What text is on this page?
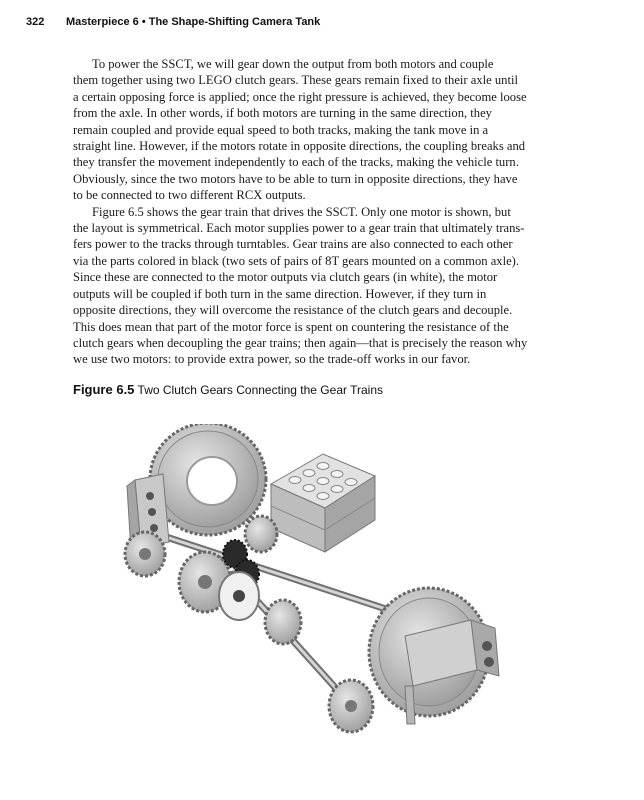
322 Masterpiece 6 • The Shape-Shifting Camera Tank
To power the SSCT, we will gear down the output from both motors and couple
them together using two LEGO clutch gears. These gears remain fixed to their axle until
a certain opposing force is applied; once the right pressure is achieved, they become loose
from the axle. In other words, if both motors are turning in the same direction, they
remain coupled and provide equal speed to both tracks, making the tank move in a
straight line. However, if the motors rotate in opposite directions, the coupling breaks and
they transfer the movement independently to each of the tracks, making the vehicle turn.
Obviously, since the two motors have to be able to turn in opposite directions, they have
to be connected to two different RCX outputs.
Figure 6.5 shows the gear train that drives the SSCT. Only one motor is shown, but
the layout is symmetrical. Each motor supplies power to a gear train that ultimately trans-
fers power to the tracks through turntables. Gear trains are also connected to each other
via the parts colored in black (two sets of pairs of 8T gears mounted on a common axle).
Since these are connected to the motor outputs via clutch gears (in white), the motor
outputs will be coupled if both turn in the same direction. However, if they turn in
opposite directions, they will overcome the resistance of the clutch gears and decouple.
This does mean that part of the motor force is spent on countering the resistance of the
clutch gears when decoupling the gear trains; then again—that is precisely the reason why
we use two motors: to provide extra power, so the trade-off works in our favor.
Figure 6.5 Two Clutch Gears Connecting the Gear Trains
